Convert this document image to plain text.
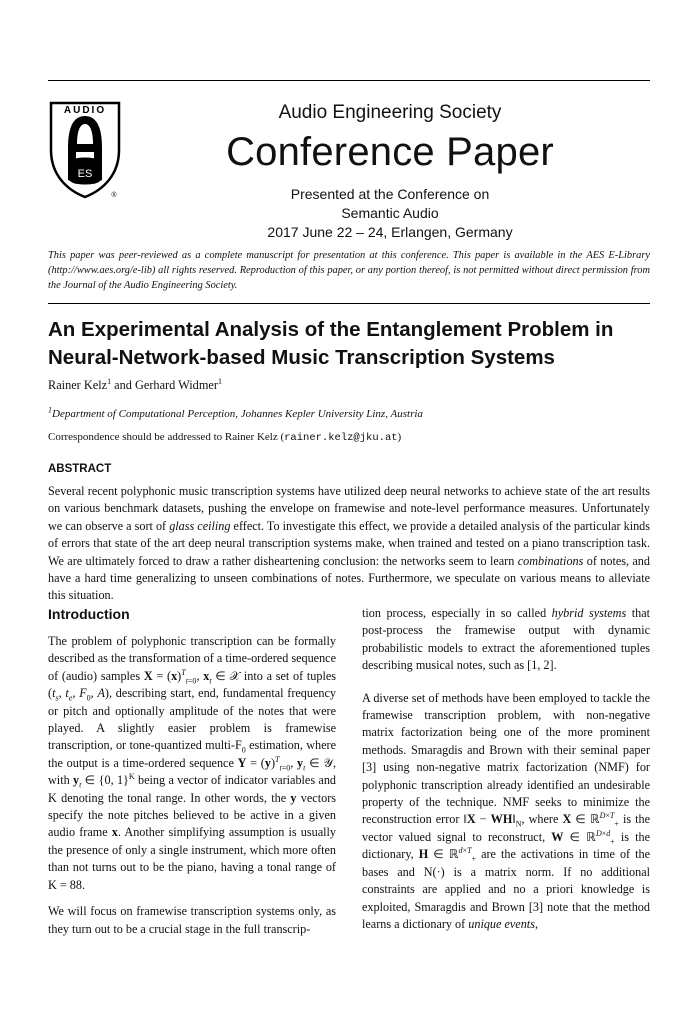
AUDIO
ES
®
Audio Engineering Society
Conference Paper
Presented at the Conference on
Semantic Audio
2017 June 22 – 24, Erlangen, Germany
This paper was peer-reviewed as a complete manuscript for presentation at this conference. This paper is available in the AES E-Library (http://www.aes.org/e-lib) all rights reserved. Reproduction of this paper, or any portion thereof, is not permitted without direct permission from the Journal of the Audio Engineering Society.
An Experimental Analysis of the Entanglement Problem in Neural-Network-based Music Transcription Systems
Rainer Kelz$^1$ and Gerhard Widmer$^1$
$^1$Department of Computational Perception, Johannes Kepler University Linz, Austria
Correspondence should be addressed to Rainer Kelz (rainer.kelz@jku.at)
ABSTRACT
Several recent polyphonic music transcription systems have utilized deep neural networks to achieve state of the art results on various benchmark datasets, pushing the envelope on framewise and note-level performance measures. Unfortunately we can observe a sort of glass ceiling effect. To investigate this effect, we provide a detailed analysis of the particular kinds of errors that state of the art deep neural transcription systems make, when trained and tested on a piano transcription task. We are ultimately forced to draw a rather disheartening conclusion: the networks seem to learn combinations of notes, and have a hard time generalizing to unseen combinations of notes. Furthermore, we speculate on various means to alleviate this situation.
Introduction
The problem of polyphonic transcription can be formally described as the transformation of a time-ordered sequence of (audio) samples $X = (x)^T_{t=0}$, $x_t$ ∈ 𝒳 into a set of tuples ($t_s$, $t_e$, $F_0$, A), describing start, end, fundamental frequency or pitch and optionally amplitude of the notes that were played. A slightly easier problem is framewise transcription, or tone-quantized multi-$F_0$ estimation, where the output is a time-ordered sequence $Y = (y)^T_{t=0}$, $y_t$ ∈ 𝒴, with $y_t$ ∈ {0, 1}$^K$ being a vector of indicator variables and K denoting the tonal range. In other words, the y vectors specify the note pitches believed to be active in a given audio frame x. Another simplifying assumption is usually the presence of only a single instrument, which more often than not turns out to be the piano, having a tonal range of K = 88.
We will focus on framewise transcription systems only, as they turn out to be a crucial stage in the full transcrip-
tion process, especially in so called hybrid systems that post-process the framewise output with dynamic probabilistic models to extract the aforementioned tuples describing musical notes, such as [1, 2].
A diverse set of methods have been employed to tackle the framewise transcription problem, with non-negative matrix factorization being one of the more prominent methods. Smaragdis and Brown with their seminal paper [3] using non-negative matrix factorization (NMF) for polyphonic transcription already identified an undesirable property of the technique. NMF seeks to minimize the reconstruction error ‖X − $WH‖_N$, where X ∈ ℝ$^{D\times T}_+$ is the vector valued signal to reconstruct, W ∈ ℝ$^{D\times d}_+$ is the dictionary, H ∈ ℝ$^{d\times T}_+$ are the activations in time of the bases and N(·) is a matrix norm. If no additional constraints are applied and no a priori knowledge is exploited, Smaragdis and Brown [3] note that the method learns a dictionary of unique events,
